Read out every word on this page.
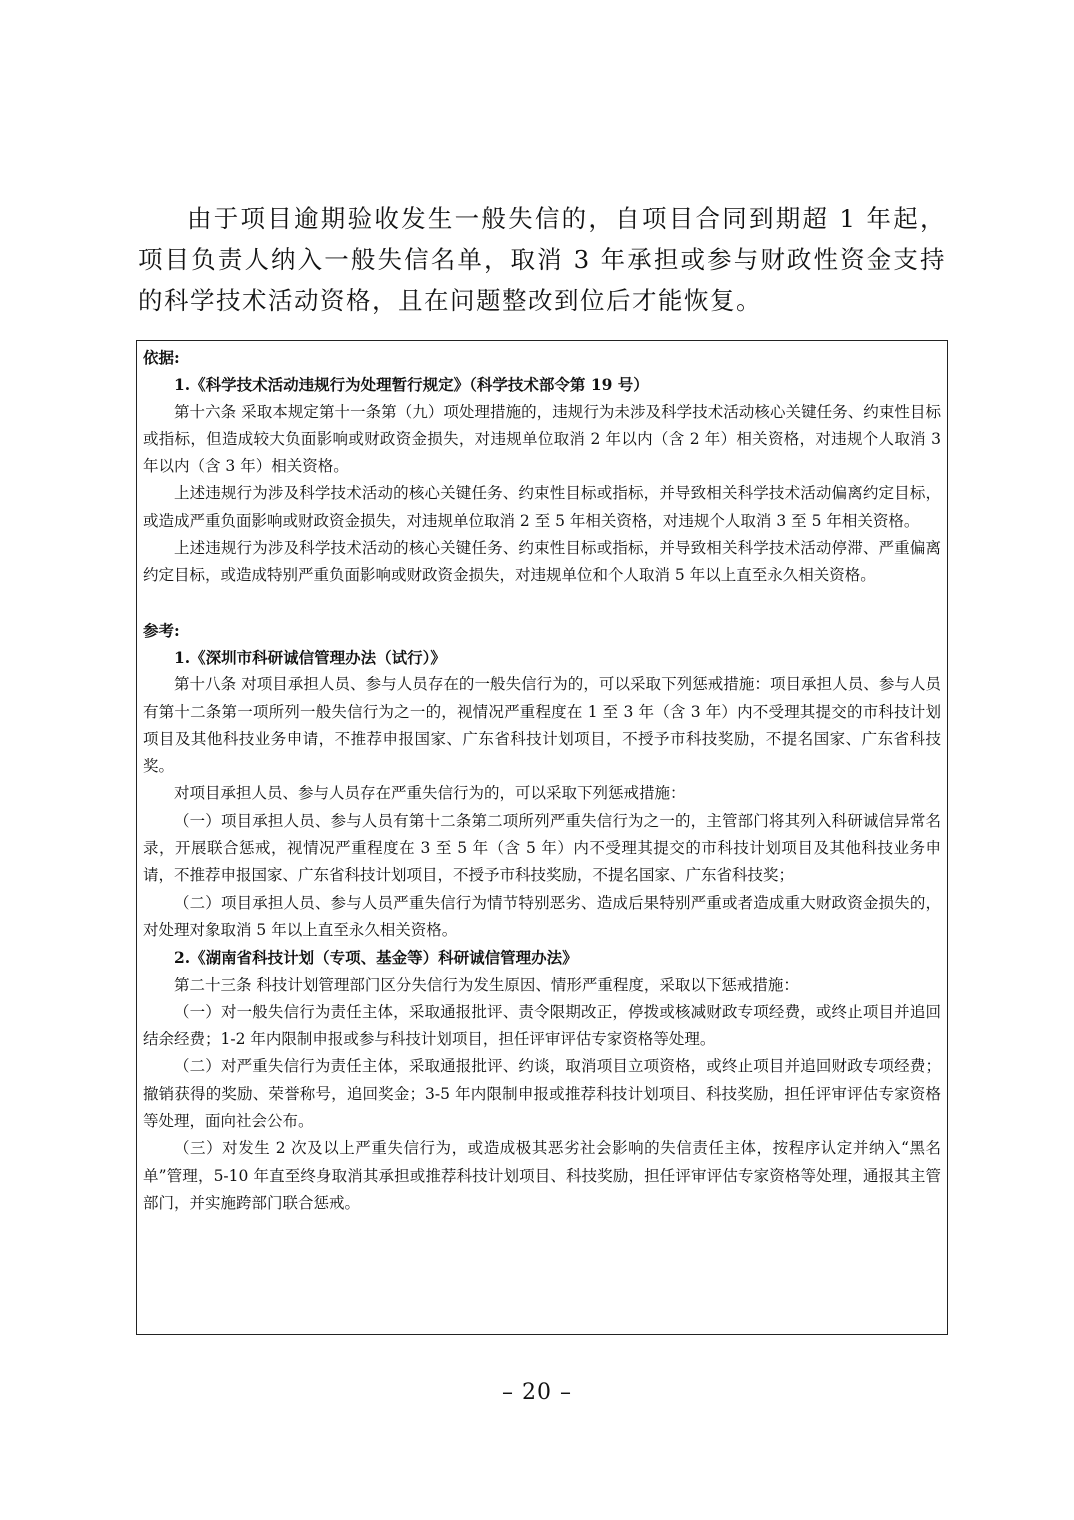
由于项目逾期验收发生一般失信的，自项目合同到期超 1 年起，项目负责人纳入一般失信名单，取消 3 年承担或参与财政性资金支持的科学技术活动资格，且在问题整改到位后才能恢复。

依据:

1.《科学技术活动违规行为处理暂行规定》（科学技术部令第 19 号）

第十六条 采取本规定第十一条第（九）项处理措施的，违规行为未涉及科学技术活动核心关键任务、约束性目标或指标，但造成较大负面影响或财政资金损失，对违规单位取消 2 年以内（含 2 年）相关资格，对违规个人取消 3 年以内（含 3 年）相关资格。

上述违规行为涉及科学技术活动的核心关键任务、约束性目标或指标，并导致相关科学技术活动偏离约定目标，或造成严重负面影响或财政资金损失，对违规单位取消 2 至 5 年相关资格，对违规个人取消 3 至 5 年相关资格。

上述违规行为涉及科学技术活动的核心关键任务、约束性目标或指标，并导致相关科学技术活动停滞、严重偏离约定目标，或造成特别严重负面影响或财政资金损失，对违规单位和个人取消 5 年以上直至永久相关资格。

参考:

1.《深圳市科研诚信管理办法（试行）》

第十八条 对项目承担人员、参与人员存在的一般失信行为的，可以采取下列惩戒措施：项目承担人员、参与人员有第十二条第一项所列一般失信行为之一的，视情况严重程度在 1 至 3 年（含 3 年）内不受理其提交的市科技计划项目及其他科技业务申请，不推荐申报国家、广东省科技计划项目，不授予市科技奖励，不提名国家、广东省科技奖。

对项目承担人员、参与人员存在严重失信行为的，可以采取下列惩戒措施：

（一）项目承担人员、参与人员有第十二条第二项所列严重失信行为之一的，主管部门将其列入科研诚信异常名录，开展联合惩戒，视情况严重程度在 3 至 5 年（含 5 年）内不受理其提交的市科技计划项目及其他科技业务申请，不推荐申报国家、广东省科技计划项目，不授予市科技奖励，不提名国家、广东省科技奖；

（二）项目承担人员、参与人员严重失信行为情节特别恶劣、造成后果特别严重或者造成重大财政资金损失的，对处理对象取消 5 年以上直至永久相关资格。

2.《湖南省科技计划（专项、基金等）科研诚信管理办法》

第二十三条 科技计划管理部门区分失信行为发生原因、情形严重程度，采取以下惩戒措施：

（一）对一般失信行为责任主体，采取通报批评、责令限期改正，停拨或核减财政专项经费，或终止项目并追回结余经费；1-2 年内限制申报或参与科技计划项目，担任评审评估专家资格等处理。

（二）对严重失信行为责任主体，采取通报批评、约谈，取消项目立项资格，或终止项目并追回财政专项经费；撤销获得的奖励、荣誉称号，追回奖金；3-5 年内限制申报或推荐科技计划项目、科技奖励，担任评审评估专家资格等处理，面向社会公布。

（三）对发生 2 次及以上严重失信行为，或造成极其恶劣社会影响的失信责任主体，按程序认定并纳入“黑名单”管理，5-10 年直至终身取消其承担或推荐科技计划项目、科技奖励，担任评审评估专家资格等处理，通报其主管部门，并实施跨部门联合惩戒。

– 20 –
